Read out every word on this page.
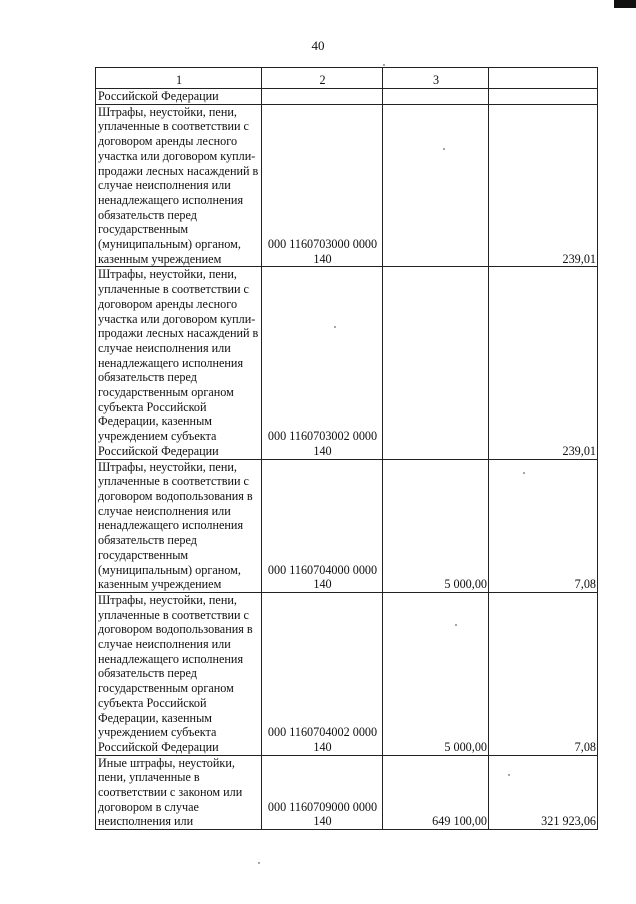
40
1	2	3	
Российской Федерации			
Штрафы, неустойки, пени, уплаченные в соответствии с договором аренды лесного участка или договором купли-продажи лесных насаждений в случае неисполнения или ненадлежащего исполнения обязательств перед государственным (муниципальным) органом, казенным учреждением	000 1160703000 0000 140		239,01
Штрафы, неустойки, пени, уплаченные в соответствии с договором аренды лесного участка или договором купли-продажи лесных насаждений в случае неисполнения или ненадлежащего исполнения обязательств перед государственным органом субъекта Российской Федерации, казенным учреждением субъекта Российской Федерации	000 1160703002 0000 140		239,01
Штрафы, неустойки, пени, уплаченные в соответствии с договором водопользования в случае неисполнения или ненадлежащего исполнения обязательств перед государственным (муниципальным) органом, казенным учреждением	000 1160704000 0000 140	5 000,00	7,08
Штрафы, неустойки, пени, уплаченные в соответствии с договором водопользования в случае неисполнения или ненадлежащего исполнения обязательств перед государственным органом субъекта Российской Федерации, казенным учреждением субъекта Российской Федерации	000 1160704002 0000 140	5 000,00	7,08
Иные штрафы, неустойки, пени, уплаченные в соответствии с законом или договором в случае неисполнения или	000 1160709000 0000 140	649 100,00	321 923,06
